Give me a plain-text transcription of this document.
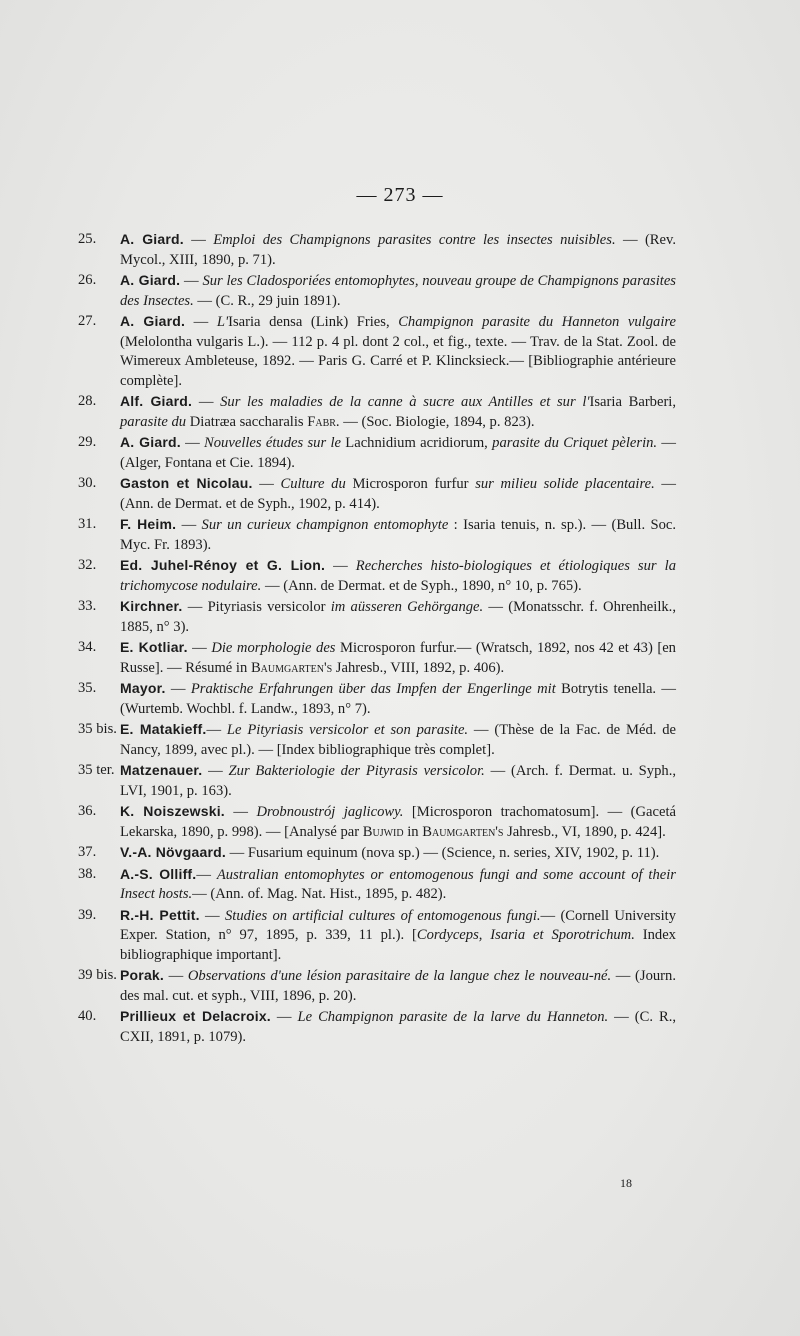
— 273 —
25.	A. Giard. — Emploi des Champignons parasites contre les insectes nuisibles. — (Rev. Mycol., XIII, 1890, p. 71).
26.	A. Giard. — Sur les Cladosporiées entomophytes, nouveau groupe de Champignons parasites des Insectes. — (C. R., 29 juin 1891).
27.	A. Giard. — L'Isaria densa (Link) Fries, Champignon parasite du Hanneton vulgaire (Melolontha vulgaris L.). — 112 p. 4 pl. dont 2 col., et fig., texte. — Trav. de la Stat. Zool. de Wimereux Ambleteuse, 1892. — Paris G. Carré et P. Klincksieck.— [Bibliographie antérieure complète].
28.	Alf. Giard. — Sur les maladies de la canne à sucre aux Antilles et sur l'Isaria Barberi, parasite du Diatræa saccharalis Fabr. — (Soc. Biologie, 1894, p. 823).
29.	A. Giard. — Nouvelles études sur le Lachnidium acridiorum, parasite du Criquet pèlerin. — (Alger, Fontana et Cie. 1894).
30.	Gaston et Nicolau. — Culture du Microsporon furfur sur milieu solide placentaire. — (Ann. de Dermat. et de Syph., 1902, p. 414).
31.	F. Heim. — Sur un curieux champignon entomophyte : Isaria tenuis, n. sp.). — (Bull. Soc. Myc. Fr. 1893).
32.	Ed. Juhel-Rénoy et G. Lion. — Recherches histo-biologiques et étiologiques sur la trichomycose nodulaire. — (Ann. de Dermat. et de Syph., 1890, n° 10, p. 765).
33.	Kirchner. — Pityriasis versicolor im aüsseren Gehörgange. — (Monatsschr. f. Ohrenheilk., 1885, n° 3).
34.	E. Kotliar. — Die morphologie des Microsporon furfur.— (Wratsch, 1892, nos 42 et 43) [en Russe]. — Résumé in Baumgarten's Jahresb., VIII, 1892, p. 406).
35.	Mayor. — Praktische Erfahrungen über das Impfen der Engerlinge mit Botrytis tenella. — (Wurtemb. Wochbl. f. Landw., 1893, n° 7).
35 bis. E. Matakieff.— Le Pityriasis versicolor et son parasite. — (Thèse de la Fac. de Méd. de Nancy, 1899, avec pl.). — [Index bibliographique très complet].
35 ter. Matzenauer. — Zur Bakteriologie der Pityrasis versicolor. — (Arch. f. Dermat. u. Syph., LVI, 1901, p. 163).
36.	K. Noiszewski. — Drobnoustrój jaglicowy. [Microsporon trachomatosum]. — (Gacetá Lekarska, 1890, p. 998). — [Analysé par Bujwid in Baumgarten's Jahresb., VI, 1890, p. 424].
37.	V.-A. Növgaard. — Fusarium equinum (nova sp.) — (Science, n. series, XIV, 1902, p. 11).
38.	A.-S. Olliff.— Australian entomophytes or entomogenous fungi and some account of their Insect hosts.— (Ann. of. Mag. Nat. Hist., 1895, p. 482).
39.	R.-H. Pettit. — Studies on artificial cultures of entomogenous fungi.— (Cornell University Exper. Station, n° 97, 1895, p. 339, 11 pl.). [Cordyceps, Isaria et Sporotrichum. Index bibliographique important].
39 bis. Porak. — Observations d'une lésion parasitaire de la langue chez le nouveau-né. — (Journ. des mal. cut. et syph., VIII, 1896, p. 20).
40.	Prillieux et Delacroix. — Le Champignon parasite de la larve du Hanneton. — (C. R., CXII, 1891, p. 1079).
18
